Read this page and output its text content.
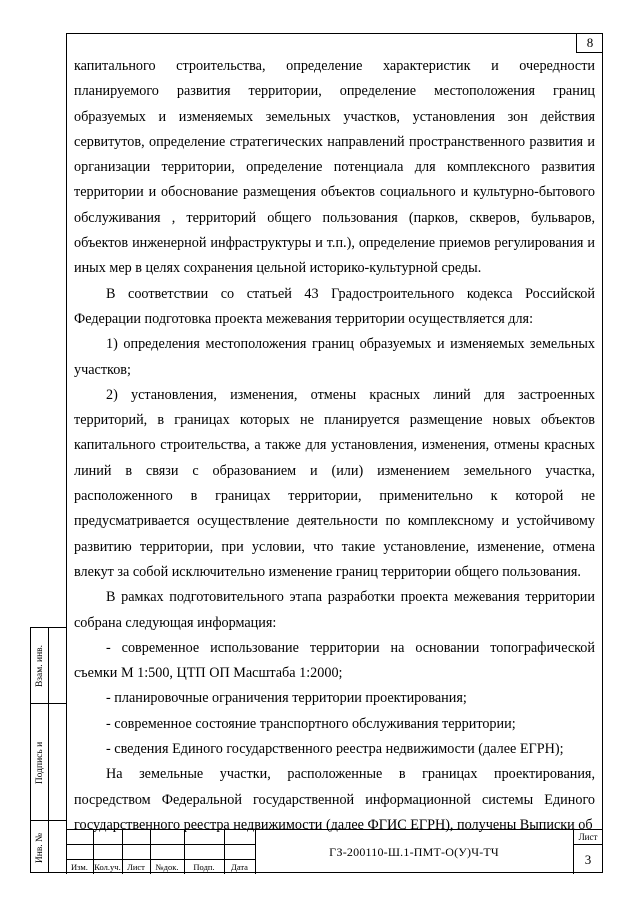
8

капитального строительства, определение характеристик и очередности планируемого развития территории, определение местоположения границ образуемых и изменяемых земельных участков, установления зон действия сервитутов, определение стратегических направлений пространственного развития и организации территории, определение потенциала для комплексного развития территории и обоснование размещения объектов социального и культурно-бытового обслуживания , территорий общего пользования (парков, скверов, бульваров, объектов инженерной инфраструктуры и т.п.), определение приемов регулирования и иных мер в целях сохранения цельной историко-культурной среды.

В соответствии со статьей 43 Градостроительного кодекса Российской Федерации подготовка проекта межевания территории осуществляется для:

1) определения местоположения границ образуемых и изменяемых земельных участков;

2) установления, изменения, отмены красных линий для застроенных территорий, в границах которых не планируется размещение новых объектов капитального строительства, а также для установления, изменения, отмены красных линий в связи с образованием и (или) изменением земельного участка, расположенного в границах территории, применительно к которой не предусматривается осуществление деятельности по комплексному и устойчивому развитию территории, при условии, что такие установление, изменение, отмена влекут за собой исключительно изменение границ территории общего пользования.

В рамках подготовительного этапа разработки проекта межевания территории собрана следующая информация:

- современное использование территории на основании топографической съемки М 1:500, ЦТП ОП Масштаба 1:2000;

- планировочные ограничения территории проектирования;

- современное состояние транспортного обслуживания территории;

- сведения Единого государственного реестра недвижимости (далее ЕГРН);

На земельные участки, расположенные в границах проектирования, посредством Федеральной государственной информационной системы Единого государственного реестра недвижимости (далее ФГИС ЕГРН), получены Выписки об

Взам. инв.
Подпись и
Инв. №
Изм. Кол.уч. Лист	№док.	Подп.	Дата
ГЗ-200110-Ш.1-ПМТ-О(У)Ч-ТЧ
Лист
3
